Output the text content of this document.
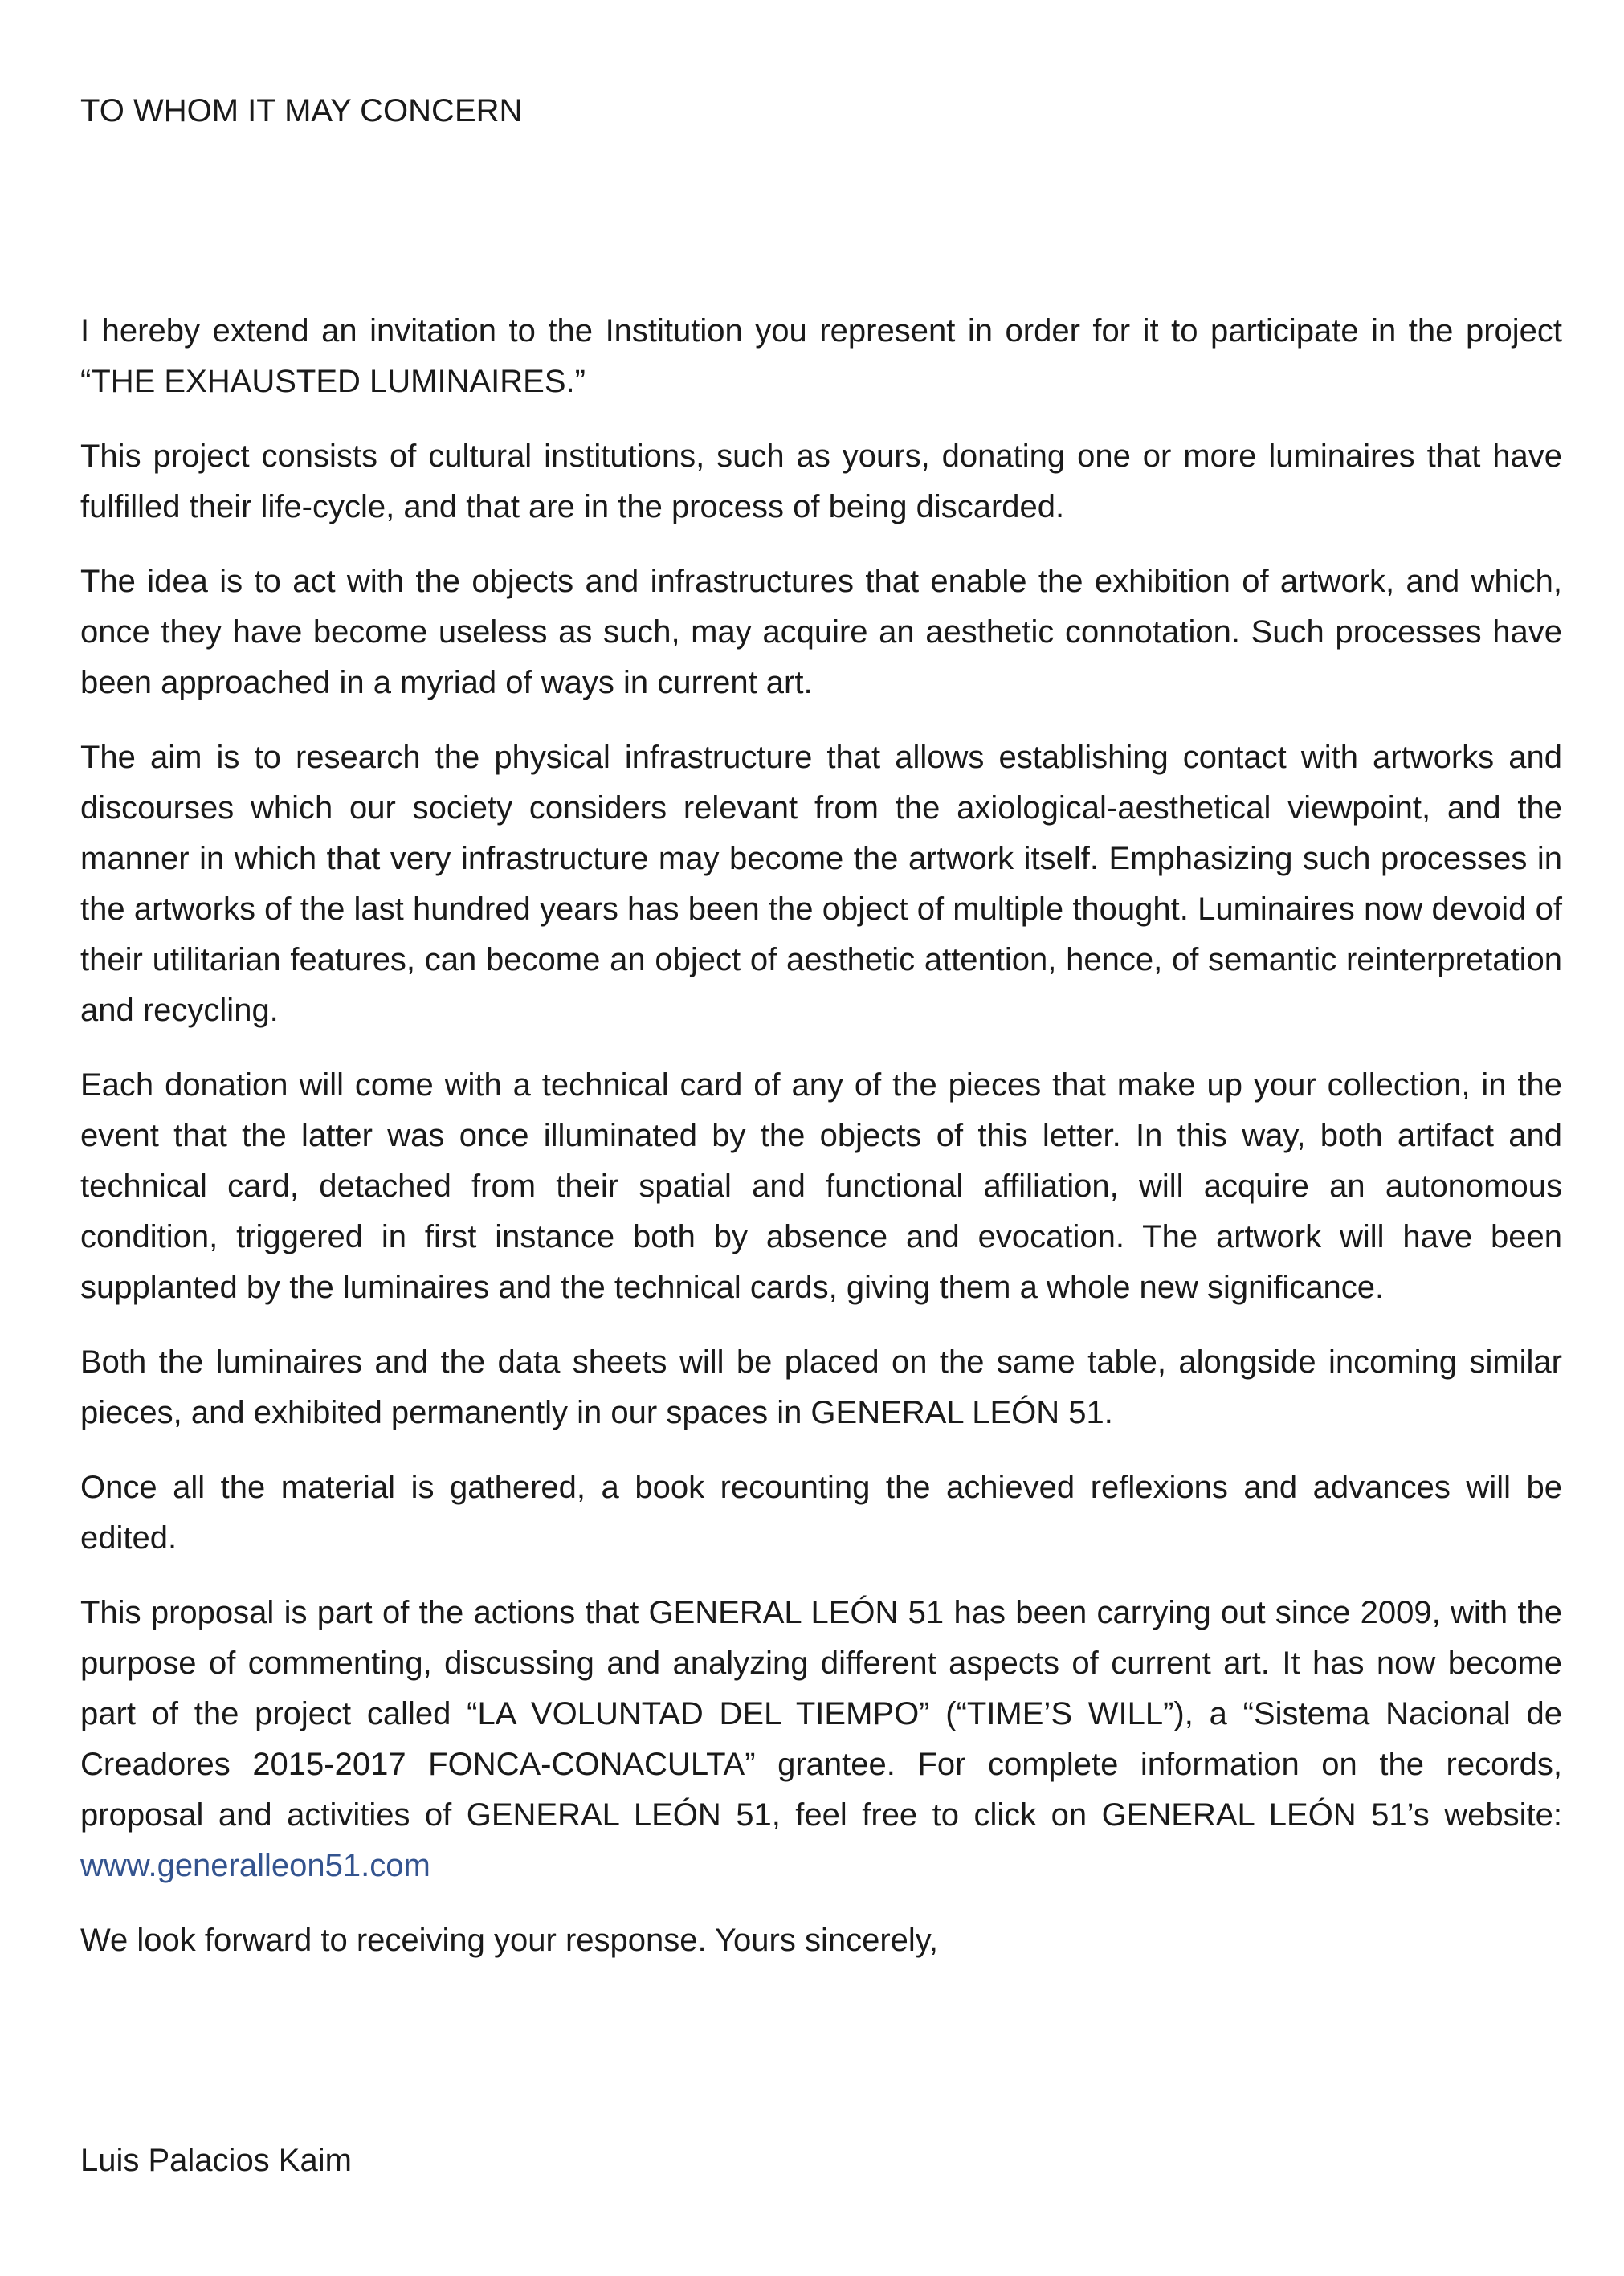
TO WHOM IT MAY CONCERN

I hereby extend an invitation to the Institution you represent in order for it to participate in the project “THE EXHAUSTED LUMINAIRES.”

This project consists of cultural institutions, such as yours, donating one or more luminaires that have fulfilled their life-cycle, and that are in the process of being discarded.

The idea is to act with the objects and infrastructures that enable the exhibition of artwork, and which, once they have become useless as such, may acquire an aesthetic connotation. Such processes have been approached in a myriad of ways in current art.

The aim is to research the physical infrastructure that allows establishing contact with artworks and discourses which our society considers relevant from the axiological-aesthetical viewpoint, and the manner in which that very infrastructure may become the artwork itself. Emphasizing such processes in the artworks of the last hundred years has been the object of multiple thought. Luminaires now devoid of their utilitarian features, can become an object of aesthetic attention, hence, of semantic reinterpretation and recycling.

Each donation will come with a technical card of any of the pieces that make up your collection, in the event that the latter was once illuminated by the objects of this letter. In this way, both artifact and technical card, detached from their spatial and functional affiliation, will acquire an autonomous condition, triggered in first instance both by absence and evocation. The artwork will have been supplanted by the luminaires and the technical cards, giving them a whole new significance.

Both the luminaires and the data sheets will be placed on the same table, alongside incoming similar pieces, and exhibited permanently in our spaces in GENERAL LEÓN 51.

Once all the material is gathered, a book recounting the achieved reflexions and advances will be edited.

This proposal is part of the actions that GENERAL LEÓN 51 has been carrying out since 2009, with the purpose of commenting, discussing and analyzing different aspects of current art. It has now become part of the project called “LA VOLUNTAD DEL TIEMPO” (“TIME’S WILL”), a “Sistema Nacional de Creadores 2015-2017 FONCA-CONACULTA” grantee. For complete information on the records, proposal and activities of GENERAL LEÓN 51, feel free to click on GENERAL LEÓN 51’s website: www.generalleon51.com

We look forward to receiving your response. Yours sincerely,

Luis Palacios Kaim
